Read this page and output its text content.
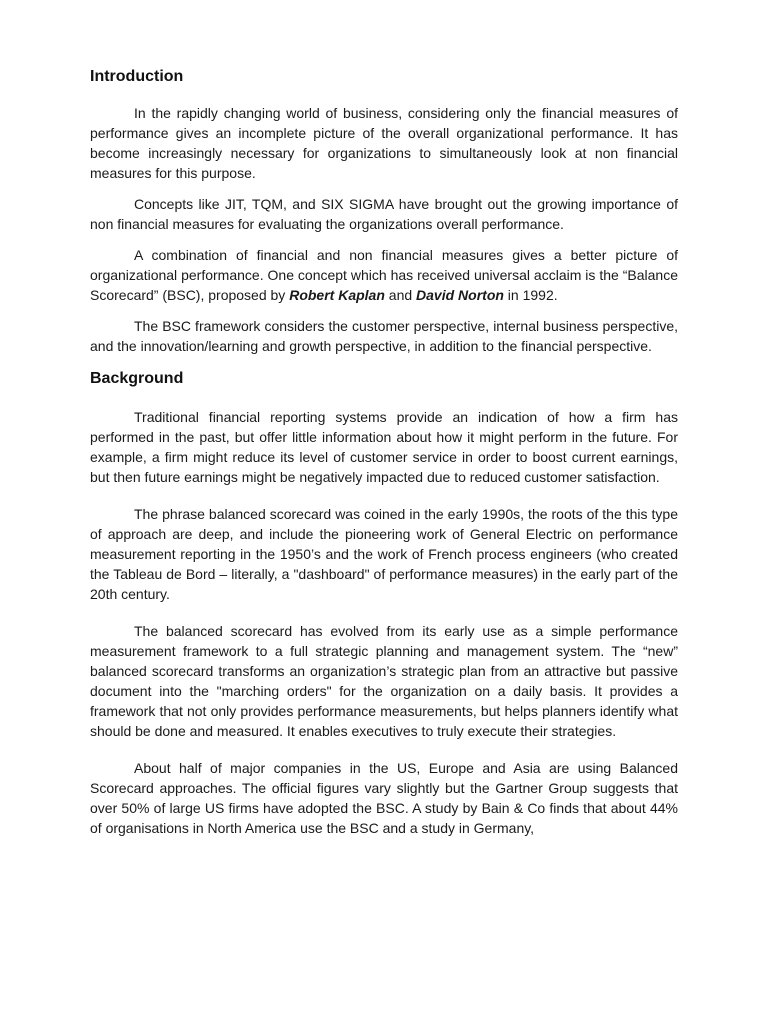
Introduction

In the rapidly changing world of business, considering only the financial measures of performance gives an incomplete picture of the overall organizational performance. It has become increasingly necessary for organizations to simultaneously look at non financial measures for this purpose.

Concepts like JIT, TQM, and SIX SIGMA have brought out the growing importance of non financial measures for evaluating the organizations overall performance.

A combination of financial and non financial measures gives a better picture of organizational performance. One concept which has received universal acclaim is the “Balance Scorecard” (BSC), proposed by Robert Kaplan and David Norton in 1992.

The BSC framework considers the customer perspective, internal business perspective, and the innovation/learning and growth perspective, in addition to the financial perspective.

Background

Traditional financial reporting systems provide an indication of how a firm has performed in the past, but offer little information about how it might perform in the future. For example, a firm might reduce its level of customer service in order to boost current earnings, but then future earnings might be negatively impacted due to reduced customer satisfaction.

The phrase balanced scorecard was coined in the early 1990s, the roots of the this type of approach are deep, and include the pioneering work of General Electric on performance measurement reporting in the 1950’s and the work of French process engineers (who created the Tableau de Bord – literally, a "dashboard" of performance measures) in the early part of the 20th century.

The balanced scorecard has evolved from its early use as a simple performance measurement framework to a full strategic planning and management system. The “new” balanced scorecard transforms an organization’s strategic plan from an attractive but passive document into the "marching orders" for the organization on a daily basis. It provides a framework that not only provides performance measurements, but helps planners identify what should be done and measured. It enables executives to truly execute their strategies.

About half of major companies in the US, Europe and Asia are using Balanced Scorecard approaches. The official figures vary slightly but the Gartner Group suggests that over 50% of large US firms have adopted the BSC. A study by Bain & Co finds that about 44% of organisations in North America use the BSC and a study in Germany,
